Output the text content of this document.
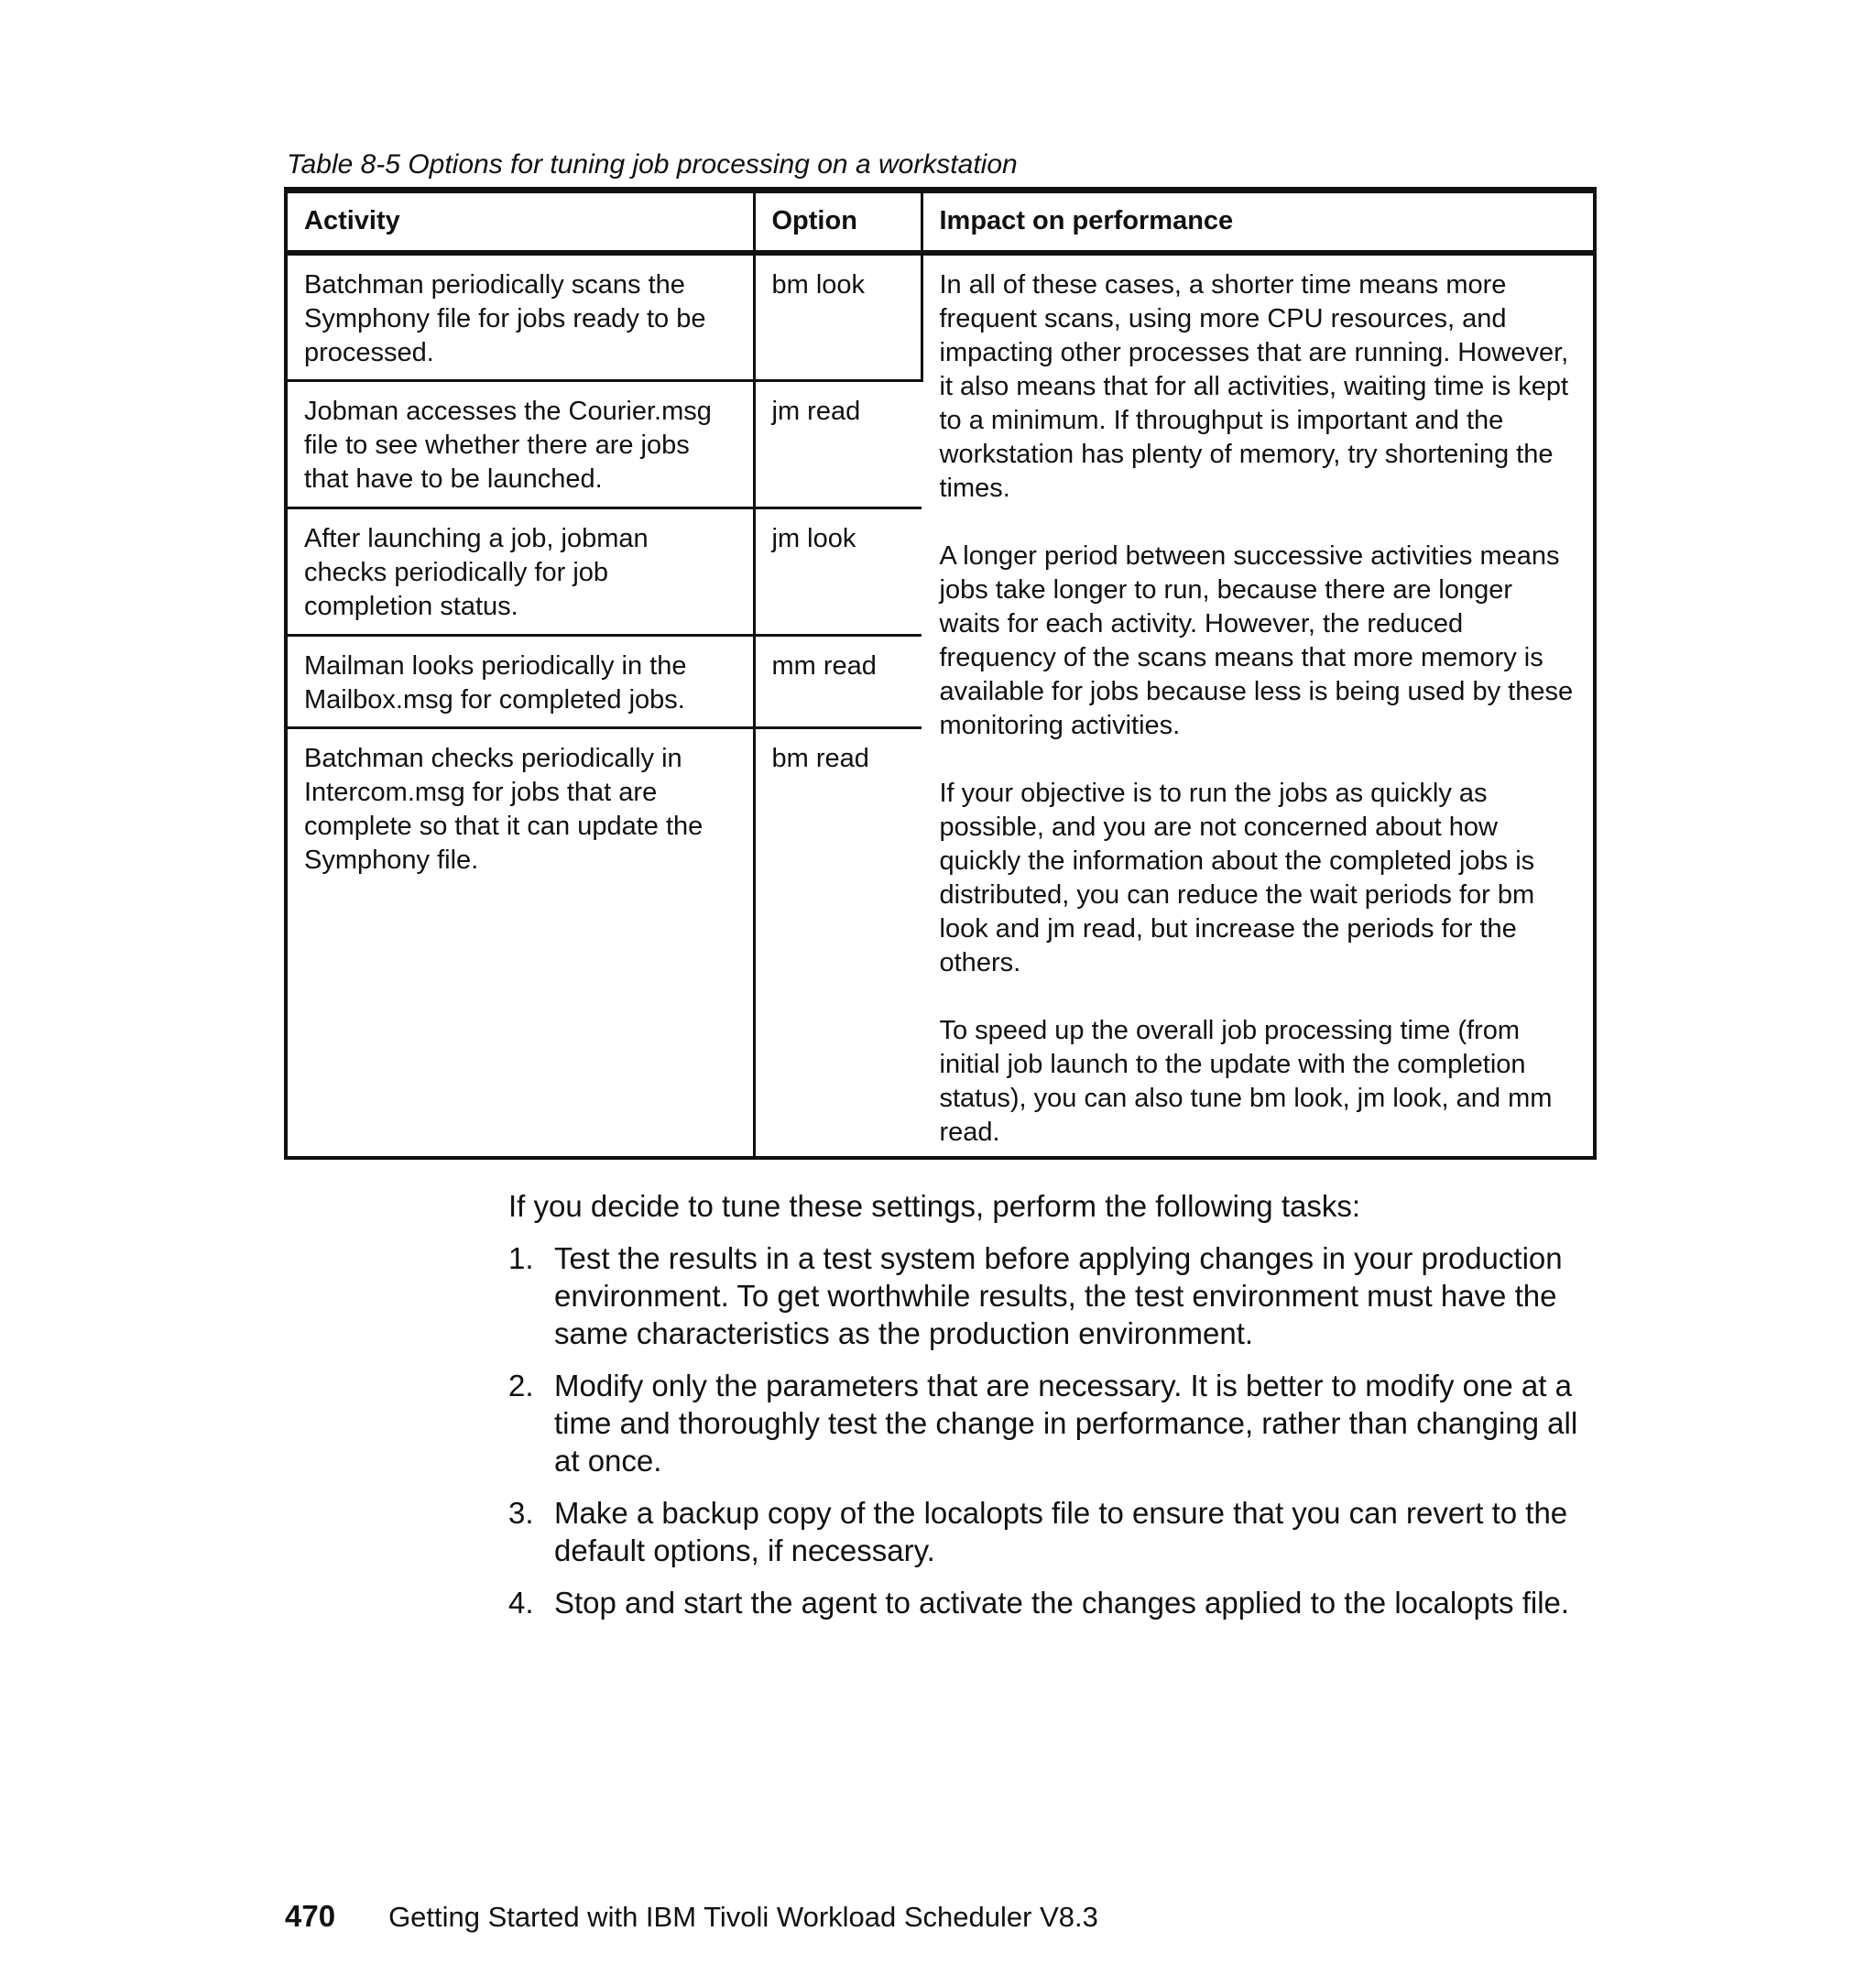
Table 8-5 Options for tuning job processing on a workstation
Activity	Option	Impact on performance
Batchman periodically scans the Symphony file for jobs ready to be processed.	bm look	In all of these cases, a shorter time means more frequent scans, using more CPU resources, and impacting other processes that are running. However, it also means that for all activities, waiting time is kept to a minimum. If throughput is important and the workstation has plenty of memory, try shortening the times.

A longer period between successive activities means jobs take longer to run, because there are longer waits for each activity. However, the reduced frequency of the scans means that more memory is available for jobs because less is being used by these monitoring activities.

If your objective is to run the jobs as quickly as possible, and you are not concerned about how quickly the information about the completed jobs is distributed, you can reduce the wait periods for bm look and jm read, but increase the periods for the others.

To speed up the overall job processing time (from initial job launch to the update with the completion status), you can also tune bm look, jm look, and mm read.

Jobman accesses the Courier.msg file to see whether there are jobs that have to be launched.	jm read	
After launching a job, jobman checks periodically for job completion status.	jm look	
Mailman looks periodically in the Mailbox.msg for completed jobs.	mm read	
Batchman checks periodically in Intercom.msg for jobs that are complete so that it can update the Symphony file.	bm read	

If you decide to tune these settings, perform the following tasks:

1. Test the results in a test system before applying changes in your production environment. To get worthwhile results, the test environment must have the same characteristics as the production environment.
2. Modify only the parameters that are necessary. It is better to modify one at a time and thoroughly test the change in performance, rather than changing all at once.
3. Make a backup copy of the localopts file to ensure that you can revert to the default options, if necessary.
4. Stop and start the agent to activate the changes applied to the localopts file.
470 Getting Started with IBM Tivoli Workload Scheduler V8.3
